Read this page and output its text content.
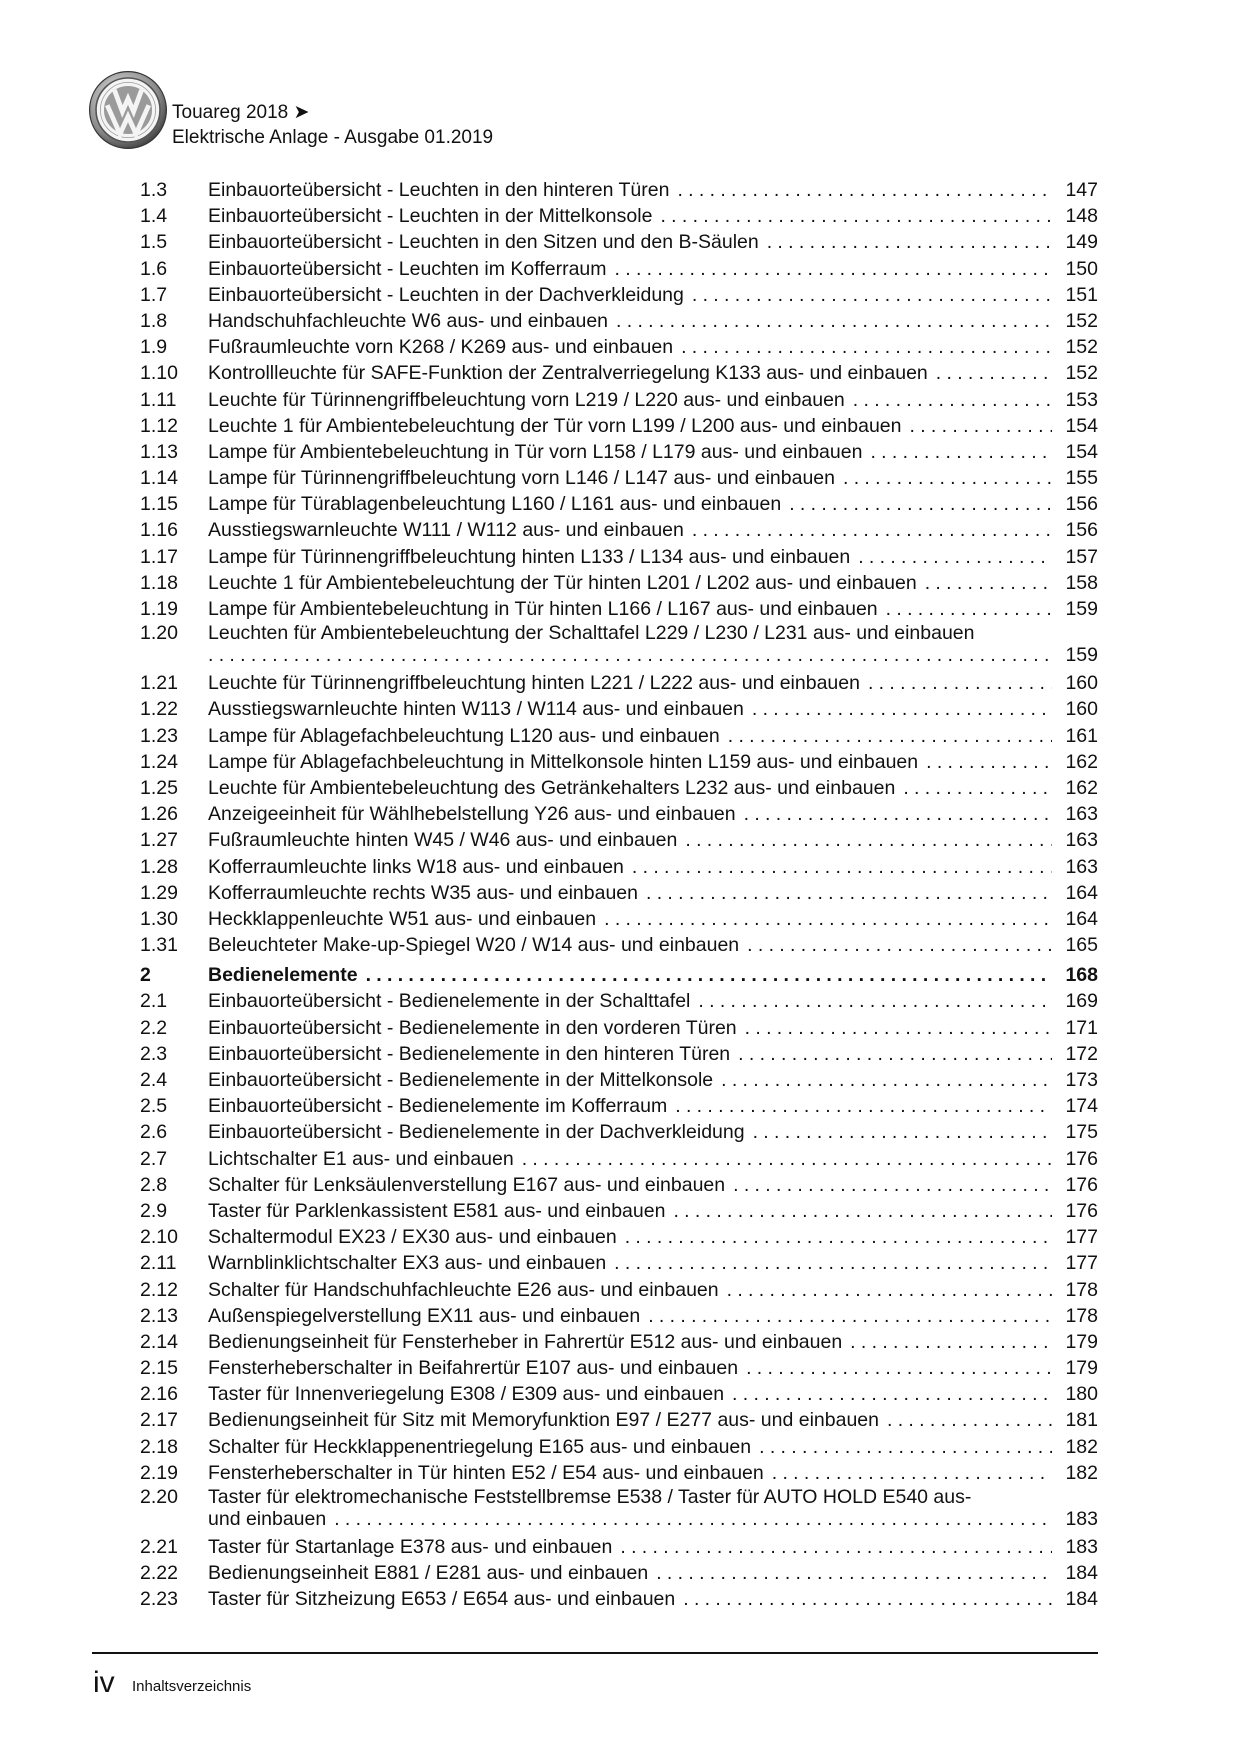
Touareg 2018 ➤
Elektrische Anlage - Ausgabe 01.2019
1.3 Einbauorteübersicht - Leuchten in den hinteren Türen .....	147
1.4 Einbauorteübersicht - Leuchten in der Mittelkonsole .....	148
1.5 Einbauorteübersicht - Leuchten in den Sitzen und den B-Säulen .....	149
1.6 Einbauorteübersicht - Leuchten im Kofferraum .....	150
1.7 Einbauorteübersicht - Leuchten in der Dachverkleidung .....	151
1.8 Handschuhfachleuchte W6 aus- und einbauen .....	152
1.9 Fußraumleuchte vorn K268 / K269 aus- und einbauen .....	152
1.10 Kontrollleuchte für SAFE-Funktion der Zentralverriegelung K133 aus- und einbauen .....	152
1.11 Leuchte für Türinnengriffbeleuchtung vorn L219 / L220 aus- und einbauen .....	153
1.12 Leuchte 1 für Ambientebeleuchtung der Tür vorn L199 / L200 aus- und einbauen .....	154
1.13 Lampe für Ambientebeleuchtung in Tür vorn L158 / L179 aus- und einbauen .....	154
1.14 Lampe für Türinnengriffbeleuchtung vorn L146 / L147 aus- und einbauen .....	155
1.15 Lampe für Türablagenbeleuchtung L160 / L161 aus- und einbauen .....	156
1.16 Ausstiegswarnleuchte W111 / W112 aus- und einbauen .....	156
1.17 Lampe für Türinnengriffbeleuchtung hinten L133 / L134 aus- und einbauen .....	157
1.18 Leuchte 1 für Ambientebeleuchtung der Tür hinten L201 / L202 aus- und einbauen .....	158
1.19 Lampe für Ambientebeleuchtung in Tür hinten L166 / L167 aus- und einbauen .....	159
1.20 Leuchten für Ambientebeleuchtung der Schalttafel L229 / L230 / L231 aus- und einbauen
.....
159
1.21 Leuchte für Türinnengriffbeleuchtung hinten L221 / L222 aus- und einbauen .....	160
1.22 Ausstiegswarnleuchte hinten W113 / W114 aus- und einbauen .....	160
1.23 Lampe für Ablagefachbeleuchtung L120 aus- und einbauen .....	161
1.24 Lampe für Ablagefachbeleuchtung in Mittelkonsole hinten L159 aus- und einbauen .....	162
1.25 Leuchte für Ambientebeleuchtung des Getränkehalters L232 aus- und einbauen .....	162
1.26 Anzeigeeinheit für Wählhebelstellung Y26 aus- und einbauen .....	163
1.27 Fußraumleuchte hinten W45 / W46 aus- und einbauen .....	163
1.28 Kofferraumleuchte links W18 aus- und einbauen .....	163
1.29 Kofferraumleuchte rechts W35 aus- und einbauen .....	164
1.30 Heckklappenleuchte W51 aus- und einbauen .....	164
1.31 Beleuchteter Make-up-Spiegel W20 / W14 aus- und einbauen .....	165
2	Bedienelemente .....	168
2.1 Einbauorteübersicht - Bedienelemente in der Schalttafel .....	169
2.2 Einbauorteübersicht - Bedienelemente in den vorderen Türen .....	171
2.3 Einbauorteübersicht - Bedienelemente in den hinteren Türen .....	172
2.4 Einbauorteübersicht - Bedienelemente in der Mittelkonsole .....	173
2.5 Einbauorteübersicht - Bedienelemente im Kofferraum .....	174
2.6 Einbauorteübersicht - Bedienelemente in der Dachverkleidung .....	175
2.7 Lichtschalter E1 aus- und einbauen .....	176
2.8 Schalter für Lenksäulenverstellung E167 aus- und einbauen .....	176
2.9 Taster für Parklenkassistent E581 aus- und einbauen .....	176
2.10 Schaltermodul EX23 / EX30 aus- und einbauen .....	177
2.11 Warnblinklichtschalter EX3 aus- und einbauen .....	177
2.12 Schalter für Handschuhfachleuchte E26 aus- und einbauen .....	178
2.13 Außenspiegelverstellung EX11 aus- und einbauen .....	178
2.14 Bedienungseinheit für Fensterheber in Fahrertür E512 aus- und einbauen .....	179
2.15 Fensterheberschalter in Beifahrertür E107 aus- und einbauen .....	179
2.16 Taster für Innenveriegelung E308 / E309 aus- und einbauen .....	180
2.17 Bedienungseinheit für Sitz mit Memoryfunktion E97 / E277 aus- und einbauen .....	181
2.18 Schalter für Heckklappenentriegelung E165 aus- und einbauen .....	182
2.19 Fensterheberschalter in Tür hinten E52 / E54 aus- und einbauen .....	182
2.20 Taster für elektromechanische Feststellbremse E538 / Taster für AUTO HOLD E540 aus-
und einbauen .....	183
2.21 Taster für Startanlage E378 aus- und einbauen .....	183
2.22 Bedienungseinheit E881 / E281 aus- und einbauen .....	184
2.23 Taster für Sitzheizung E653 / E654 aus- und einbauen .....	184
iv Inhaltsverzeichnis
